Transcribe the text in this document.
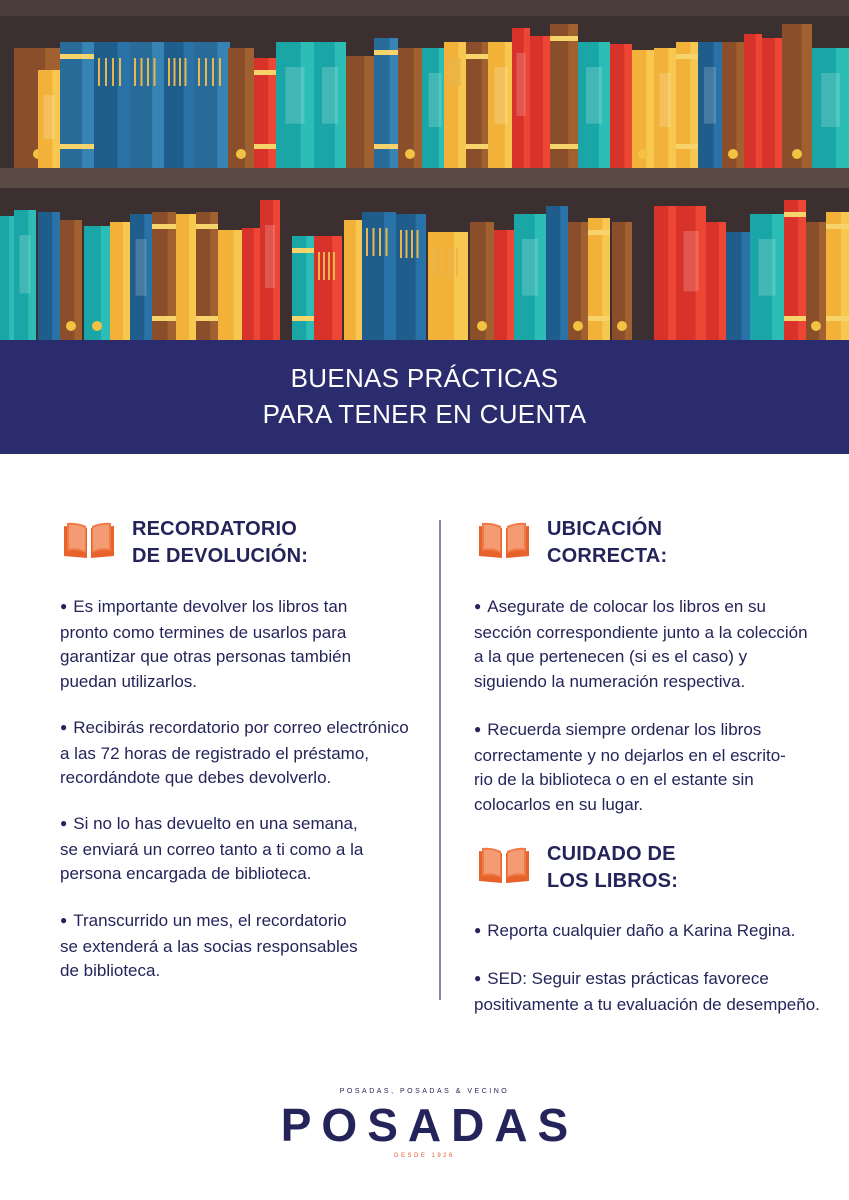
BUENAS PRÁCTICAS
PARA TENER EN CUENTA
RECORDATORIO
DE DEVOLUCIÓN:
● Es importante devolver los libros tan
pronto como termines de usarlos para
garantizar que otras personas también
puedan utilizarlos.
● Recibirás recordatorio por correo electrónico
a las 72 horas de registrado el préstamo,
recordándote que debes devolverlo.
● Si no lo has devuelto en una semana,
se enviará un correo tanto a ti como a la
persona encargada de biblioteca.
● Transcurrido un mes, el recordatorio
se extenderá a las socias responsables
de biblioteca.
UBICACIÓN
CORRECTA:
● Asegurate de colocar los libros en su
sección correspondiente junto a la colección
a la que pertenecen (si es el caso) y
siguiendo la numeración respectiva.
● Recuerda siempre ordenar los libros
correctamente y no dejarlos en el escrito-
rio de la biblioteca o en el estante sin
colocarlos en su lugar.
CUIDADO DE
LOS LIBROS:
● Reporta cualquier daño a Karina Regina.
● SED: Seguir estas prácticas favorece
positivamente a tu evaluación de desempeño.
POSADAS, POSADAS & VECINO
POSADAS
DESDE 1926
